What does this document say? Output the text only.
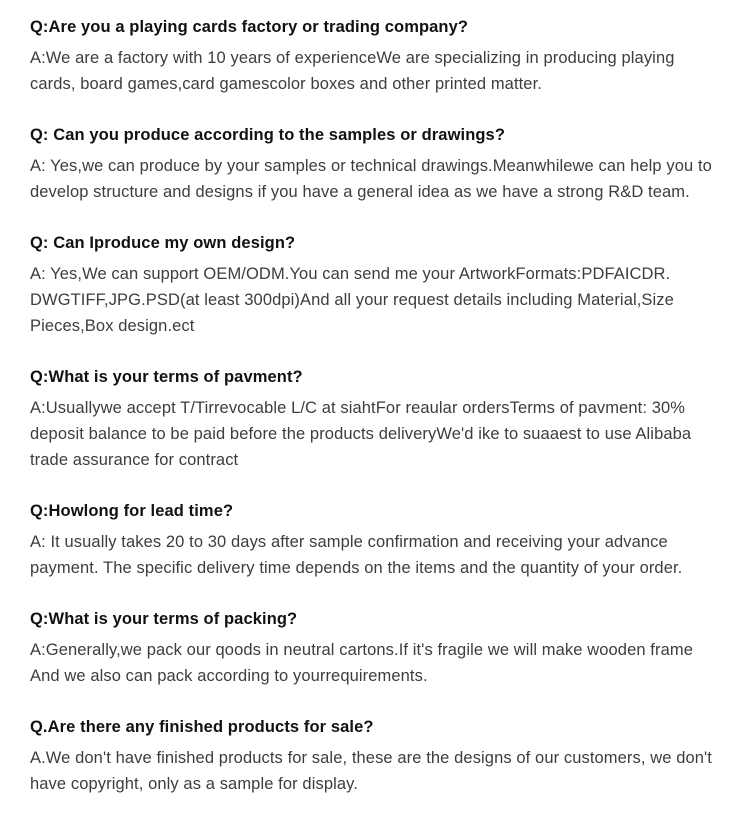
Q:Are you a playing cards factory or trading company?
A:We are a factory with 10 years of experienceWe are specializing in producing playing cards, board games,card gamescolor boxes and other printed matter.
Q: Can you produce according to the samples or drawings?
A: Yes,we can produce by your samples or technical drawings.Meanwhilewe can help you to develop structure and designs if you have a general idea as we have a strong R&D team.
Q: Can Iproduce my own design?
A: Yes,We can support OEM/ODM.You can send me your ArtworkFormats:PDFAICDR. DWGTIFF,JPG.PSD(at least 300dpi)And all your request details including Material,Size Pieces,Box design.ect
Q:What is your terms of pavment?
A:Usuallywe accept T/Tirrevocable L/C at siahtFor reaular ordersTerms of pavment: 30% deposit balance to be paid before the products deliveryWe'd ike to suaaest to use Alibaba trade assurance for contract
Q:Howlong for lead time?
A: It usually takes 20 to 30 days after sample confirmation and receiving your advance payment. The specific delivery time depends on the items and the quantity of your order.
Q:What is your terms of packing?
A:Generally,we pack our qoods in neutral cartons.If it's fragile we will make wooden frame And we also can pack according to yourrequirements.
Q.Are there any finished products for sale?
A.We don't have finished products for sale, these are the designs of our customers, we don't have copyright, only as a sample for display.
